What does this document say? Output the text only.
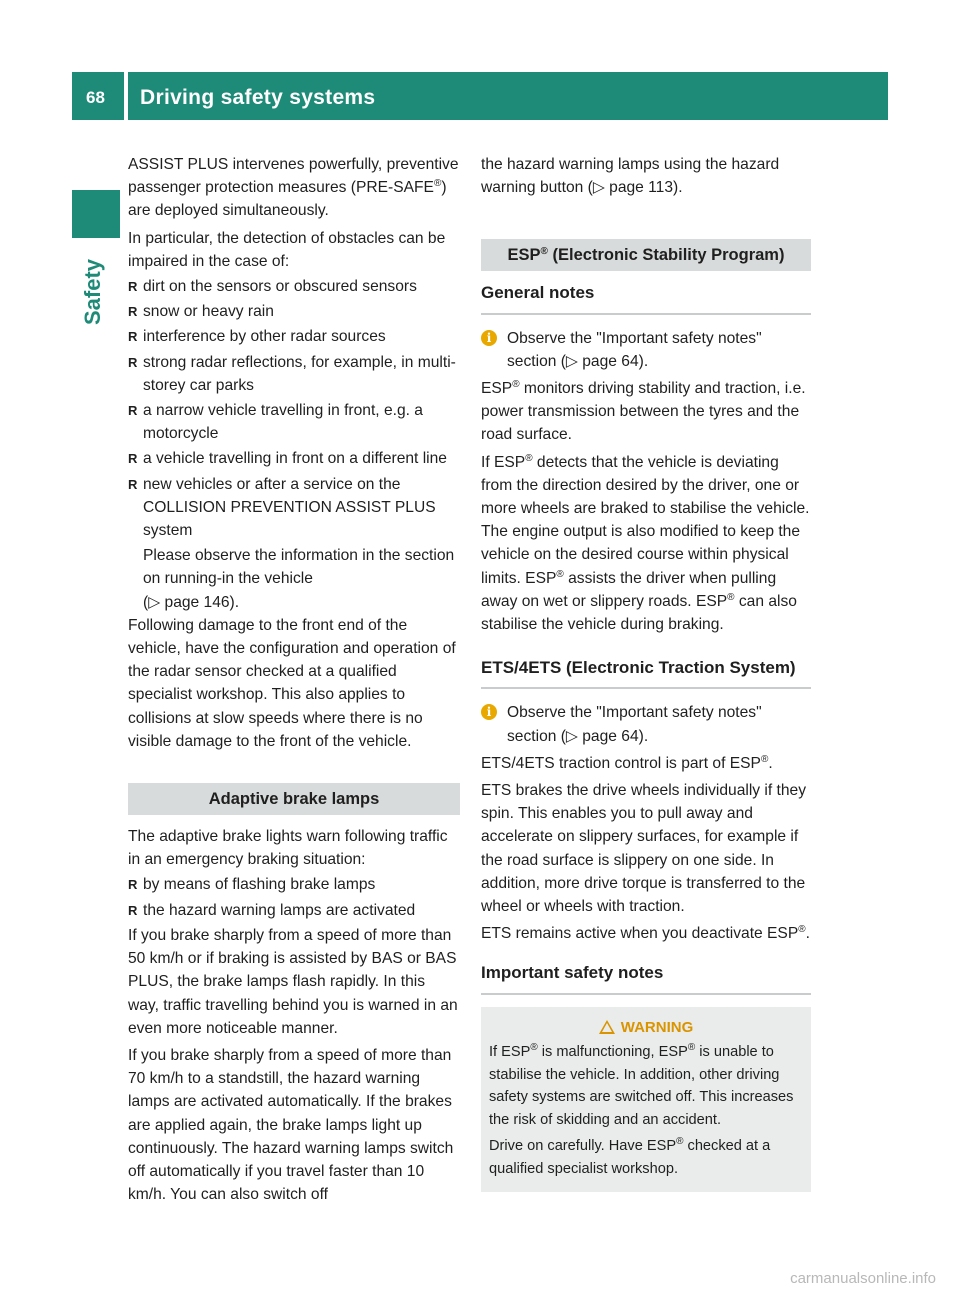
68 Driving safety systems
Safety

ASSIST PLUS intervenes powerfully, preventive passenger protection measures (PRE-SAFE®) are deployed simultaneously.

In particular, the detection of obstacles can be impaired in the case of:

R dirt on the sensors or obscured sensors
R snow or heavy rain
R interference by other radar sources
R strong radar reflections, for example, in multi-storey car parks
R a narrow vehicle travelling in front, e.g. a motorcycle
R a vehicle travelling in front on a different line
R new vehicles or after a service on the COLLISION PREVENTION ASSIST PLUS system

Please observe the information in the section on running-in the vehicle
(▷ page 146).

Following damage to the front end of the vehicle, have the configuration and operation of the radar sensor checked at a qualified specialist workshop. This also applies to collisions at slow speeds where there is no visible damage to the front of the vehicle.

Adaptive brake lamps

The adaptive brake lights warn following traffic in an emergency braking situation:

R by means of flashing brake lamps
R the hazard warning lamps are activated

If you brake sharply from a speed of more than 50 km/h or if braking is assisted by BAS or BAS PLUS, the brake lamps flash rapidly. In this way, traffic travelling behind you is warned in an even more noticeable manner.

If you brake sharply from a speed of more than 70 km/h to a standstill, the hazard warning lamps are activated automatically. If the brakes are applied again, the brake lamps light up continuously. The hazard warning lamps switch off automatically if you travel faster than 10 km/h. You can also switch off

the hazard warning lamps using the hazard warning button (▷ page 113).

ESP® (Electronic Stability Program)
General notes

i	Observe the "Important safety notes" section (▷ page 64).

ESP® monitors driving stability and traction, i.e. power transmission between the tyres and the road surface.

If ESP® detects that the vehicle is deviating from the direction desired by the driver, one or more wheels are braked to stabilise the vehicle. The engine output is also modified to keep the vehicle on the desired course within physical limits. ESP® assists the driver when pulling away on wet or slippery roads. ESP® can also stabilise the vehicle during braking.

ETS/4ETS (Electronic Traction System)

i	Observe the "Important safety notes" section (▷ page 64).

ETS/4ETS traction control is part of ESP®.

ETS brakes the drive wheels individually if they spin. This enables you to pull away and accelerate on slippery surfaces, for example if the road surface is slippery on one side. In addition, more drive torque is transferred to the wheel or wheels with traction.

ETS remains active when you deactivate ESP®.

Important safety notes
WARNING

If ESP® is malfunctioning, ESP® is unable to stabilise the vehicle. In addition, other driving safety systems are switched off. This increases the risk of skidding and an accident.

Drive on carefully. Have ESP® checked at a qualified specialist workshop.

carmanualsonline.info
